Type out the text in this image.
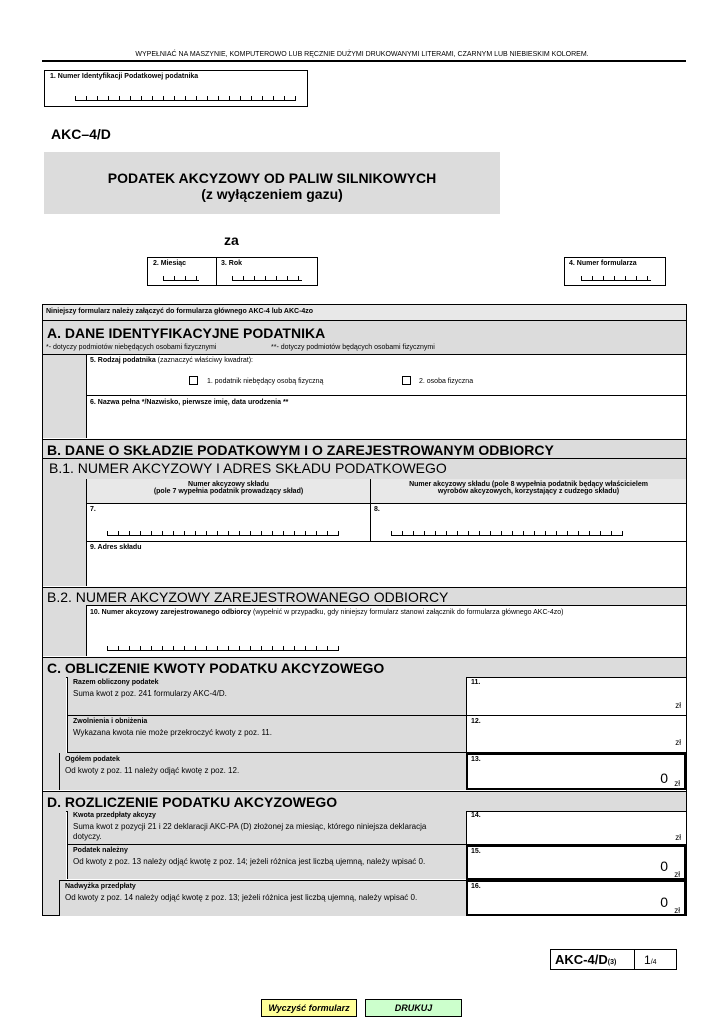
WYPEŁNIAĆ NA MASZYNIE, KOMPUTEROWO LUB RĘCZNIE DUŻYMI DRUKOWANYMI LITERAMI, CZARNYM LUB NIEBIESKIM KOLOREM.
1. Numer Identyfikacji Podatkowej podatnika
AKC–4/D
PODATEK AKCYZOWY OD PALIW SILNIKOWYCH
(z wyłączeniem gazu)
za
2. Miesiąc	3. Rok	4. Numer formularza
Niniejszy formularz należy załączyć do formularza głównego AKC-4 lub AKC-4zo
A. DANE IDENTYFIKACYJNE PODATNIKA
*- dotyczy podmiotów niebędących osobami fizycznymi	**- dotyczy podmiotów będących osobami fizycznymi
5. Rodzaj podatnika (zaznaczyć właściwy kwadrat):
1. podatnik niebędący osobą fizyczną	2. osoba fizyczna
6. Nazwa pełna */Nazwisko, pierwsze imię, data urodzenia **
B. DANE O SKŁADZIE PODATKOWYM I O ZAREJESTROWANYM ODBIORCY
B.1. NUMER AKCYZOWY I ADRES SKŁADU PODATKOWEGO
Numer akcyzowy składu
(pole 7 wypełnia podatnik prowadzący skład)
Numer akcyzowy składu (pole 8 wypełnia podatnik będący właścicielem
wyrobów akcyzowych, korzystający z cudzego składu)
7.	8.
9. Adres składu
B.2. NUMER AKCYZOWY ZAREJESTROWANEGO ODBIORCY
10. Numer akcyzowy zarejestrowanego odbiorcy (wypełnić w przypadku, gdy niniejszy formularz stanowi załącznik do formularza głównego AKC-4zo)
C. OBLICZENIE KWOTY PODATKU AKCYZOWEGO
Razem obliczony podatek
Suma kwot z poz. 241 formularzy AKC-4/D.
11.
zł
Zwolnienia i obniżenia
Wykazana kwota nie może przekroczyć kwoty z poz. 11.
12.
zł
Ogółem podatek
Od kwoty z poz. 11 należy odjąć kwotę z poz. 12.
13.
0 zł
D. ROZLICZENIE PODATKU AKCYZOWEGO
Kwota przedpłaty akcyzy
Suma kwot z pozycji 21 i 22 deklaracji AKC-PA (D) złożonej za miesiąc, którego niniejsza deklaracja
dotyczy.
14.
zł
Podatek należny
Od kwoty z poz. 13 należy odjąć kwotę z poz. 14; jeżeli różnica jest liczbą ujemną, należy wpisać 0.
15.
0
zł
Nadwyżka przedpłaty
Od kwoty z poz. 14 należy odjąć kwotę z poz. 13; jeżeli różnica jest liczbą ujemną, należy wpisać 0.
16.
0
zł
AKC-4/D(3) 1/4
Wyczyść formularz	DRUKUJ
